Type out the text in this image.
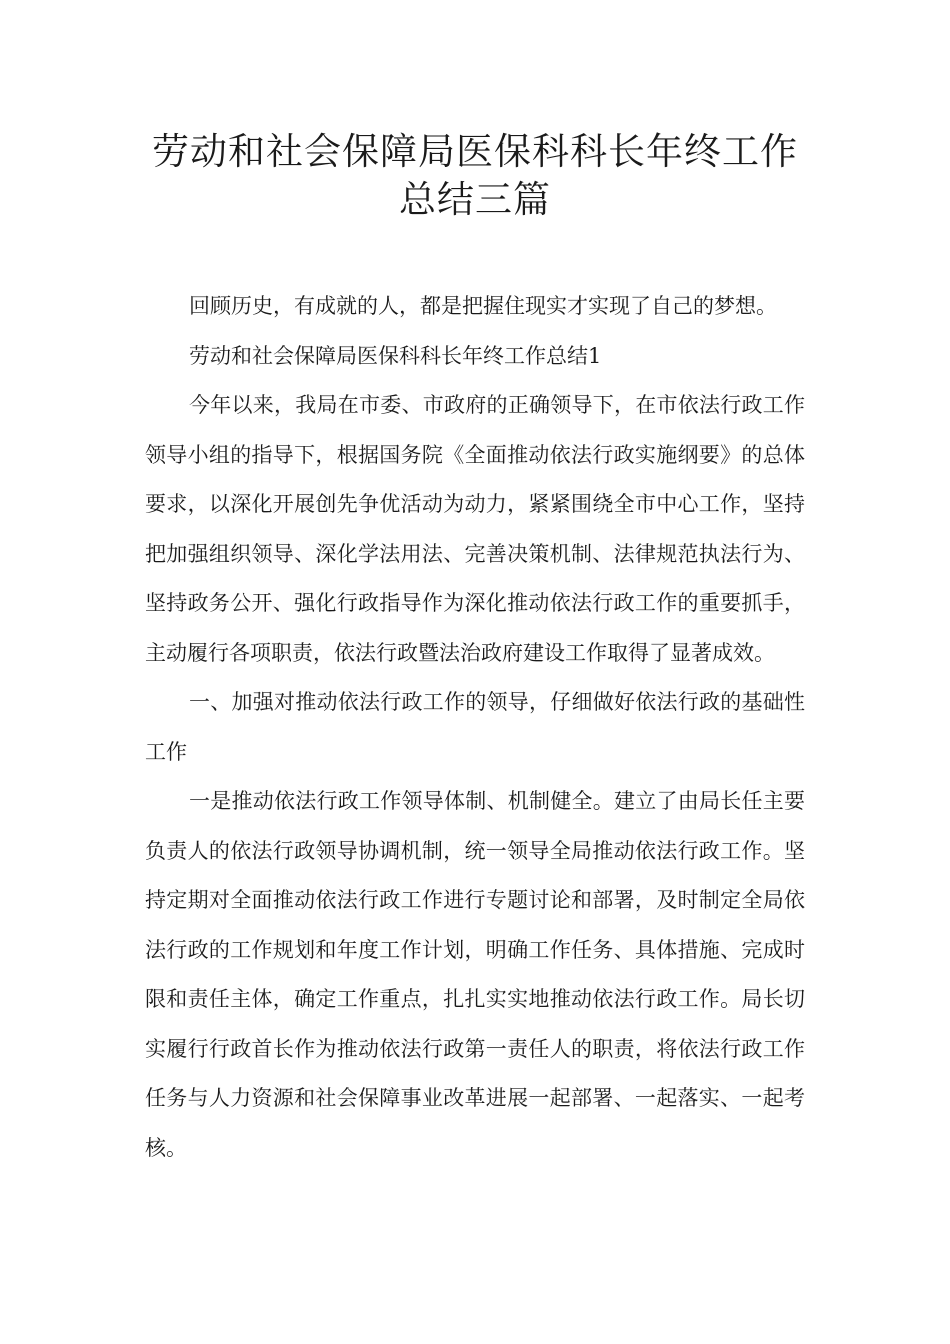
劳动和社会保障局医保科科长年终工作
总结三篇

回顾历史，有成就的人，都是把握住现实才实现了自己的梦想。

劳动和社会保障局医保科科长年终工作总结1

今年以来，我局在市委、市政府的正确领导下，在市依法行政工作领导小组的指导下，根据国务院《全面推动依法行政实施纲要》的总体要求，以深化开展创先争优活动为动力，紧紧围绕全市中心工作，坚持把加强组织领导、深化学法用法、完善决策机制、法律规范执法行为、坚持政务公开、强化行政指导作为深化推动依法行政工作的重要抓手，主动履行各项职责，依法行政暨法治政府建设工作取得了显著成效。

一、加强对推动依法行政工作的领导，仔细做好依法行政的基础性工作

一是推动依法行政工作领导体制、机制健全。建立了由局长任主要负责人的依法行政领导协调机制，统一领导全局推动依法行政工作。坚持定期对全面推动依法行政工作进行专题讨论和部署，及时制定全局依法行政的工作规划和年度工作计划，明确工作任务、具体措施、完成时限和责任主体，确定工作重点，扎扎实实地推动依法行政工作。局长切实履行行政首长作为推动依法行政第一责任人的职责，将依法行政工作任务与人力资源和社会保障事业改革进展一起部署、一起落实、一起考核。
